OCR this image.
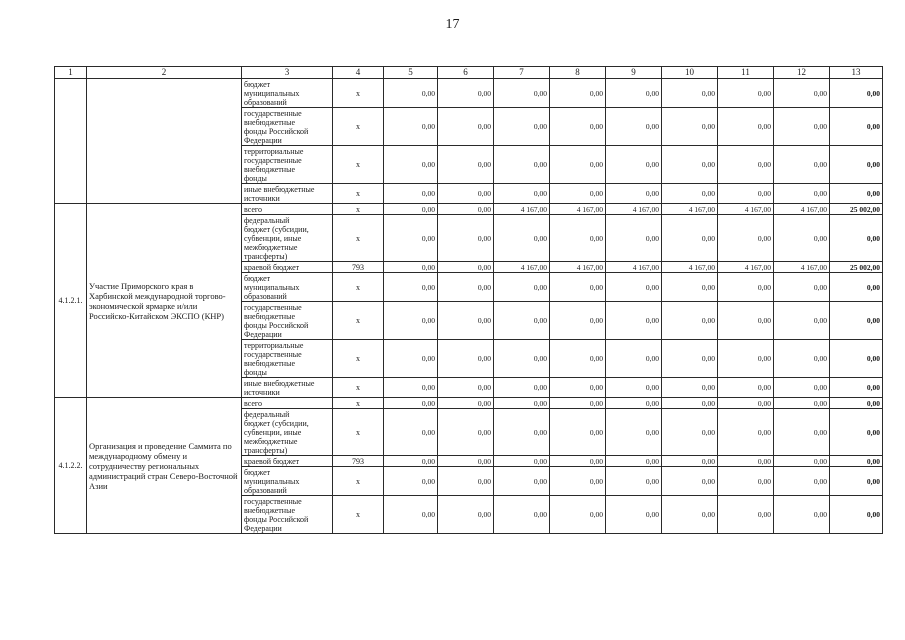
17
1	2	3	4	5	6	7	8	9	10	11	12	13
		бюджет
муниципальных
образований	х	0,00	0,00	0,00	0,00	0,00	0,00	0,00	0,00	0,00
		государственные
внебюджетные
фонды Российской
Федерации	х	0,00	0,00	0,00	0,00	0,00	0,00	0,00	0,00	0,00
		территориальные
государственные
внебюджетные
фонды	х	0,00	0,00	0,00	0,00	0,00	0,00	0,00	0,00	0,00
		иные внебюджетные
источники	х	0,00	0,00	0,00	0,00	0,00	0,00	0,00	0,00	0,00
4.1.2.1.	Участие Приморского края в Харбинской международной торгово-экономической ярмарке и/или Российско-Китайском ЭКСПО (КНР)	всего	х	0,00	0,00	4 167,00	4 167,00	4 167,00	4 167,00	4 167,00	4 167,00	25 002,00
		федеральный
бюджет (субсидии,
субвенции, иные
межбюджетные
трансферты)	х	0,00	0,00	0,00	0,00	0,00	0,00	0,00	0,00	0,00
		краевой бюджет	793	0,00	0,00	4 167,00	4 167,00	4 167,00	4 167,00	4 167,00	4 167,00	25 002,00
		бюджет
муниципальных
образований	х	0,00	0,00	0,00	0,00	0,00	0,00	0,00	0,00	0,00
		государственные
внебюджетные
фонды Российской
Федерации	х	0,00	0,00	0,00	0,00	0,00	0,00	0,00	0,00	0,00
		территориальные
государственные
внебюджетные
фонды	х	0,00	0,00	0,00	0,00	0,00	0,00	0,00	0,00	0,00
		иные внебюджетные
источники	х	0,00	0,00	0,00	0,00	0,00	0,00	0,00	0,00	0,00
4.1.2.2.	Организация и проведение Саммита по международному обмену и сотрудничеству региональных администраций стран Северо-Восточной Азии	всего	х	0,00	0,00	0,00	0,00	0,00	0,00	0,00	0,00	0,00
		федеральный
бюджет (субсидии,
субвенции, иные
межбюджетные
трансферты)	х	0,00	0,00	0,00	0,00	0,00	0,00	0,00	0,00	0,00
		краевой бюджет	793	0,00	0,00	0,00	0,00	0,00	0,00	0,00	0,00	0,00
		бюджет
муниципальных
образований	х	0,00	0,00	0,00	0,00	0,00	0,00	0,00	0,00	0,00
		государственные
внебюджетные
фонды Российской
Федерации	х	0,00	0,00	0,00	0,00	0,00	0,00	0,00	0,00	0,00
